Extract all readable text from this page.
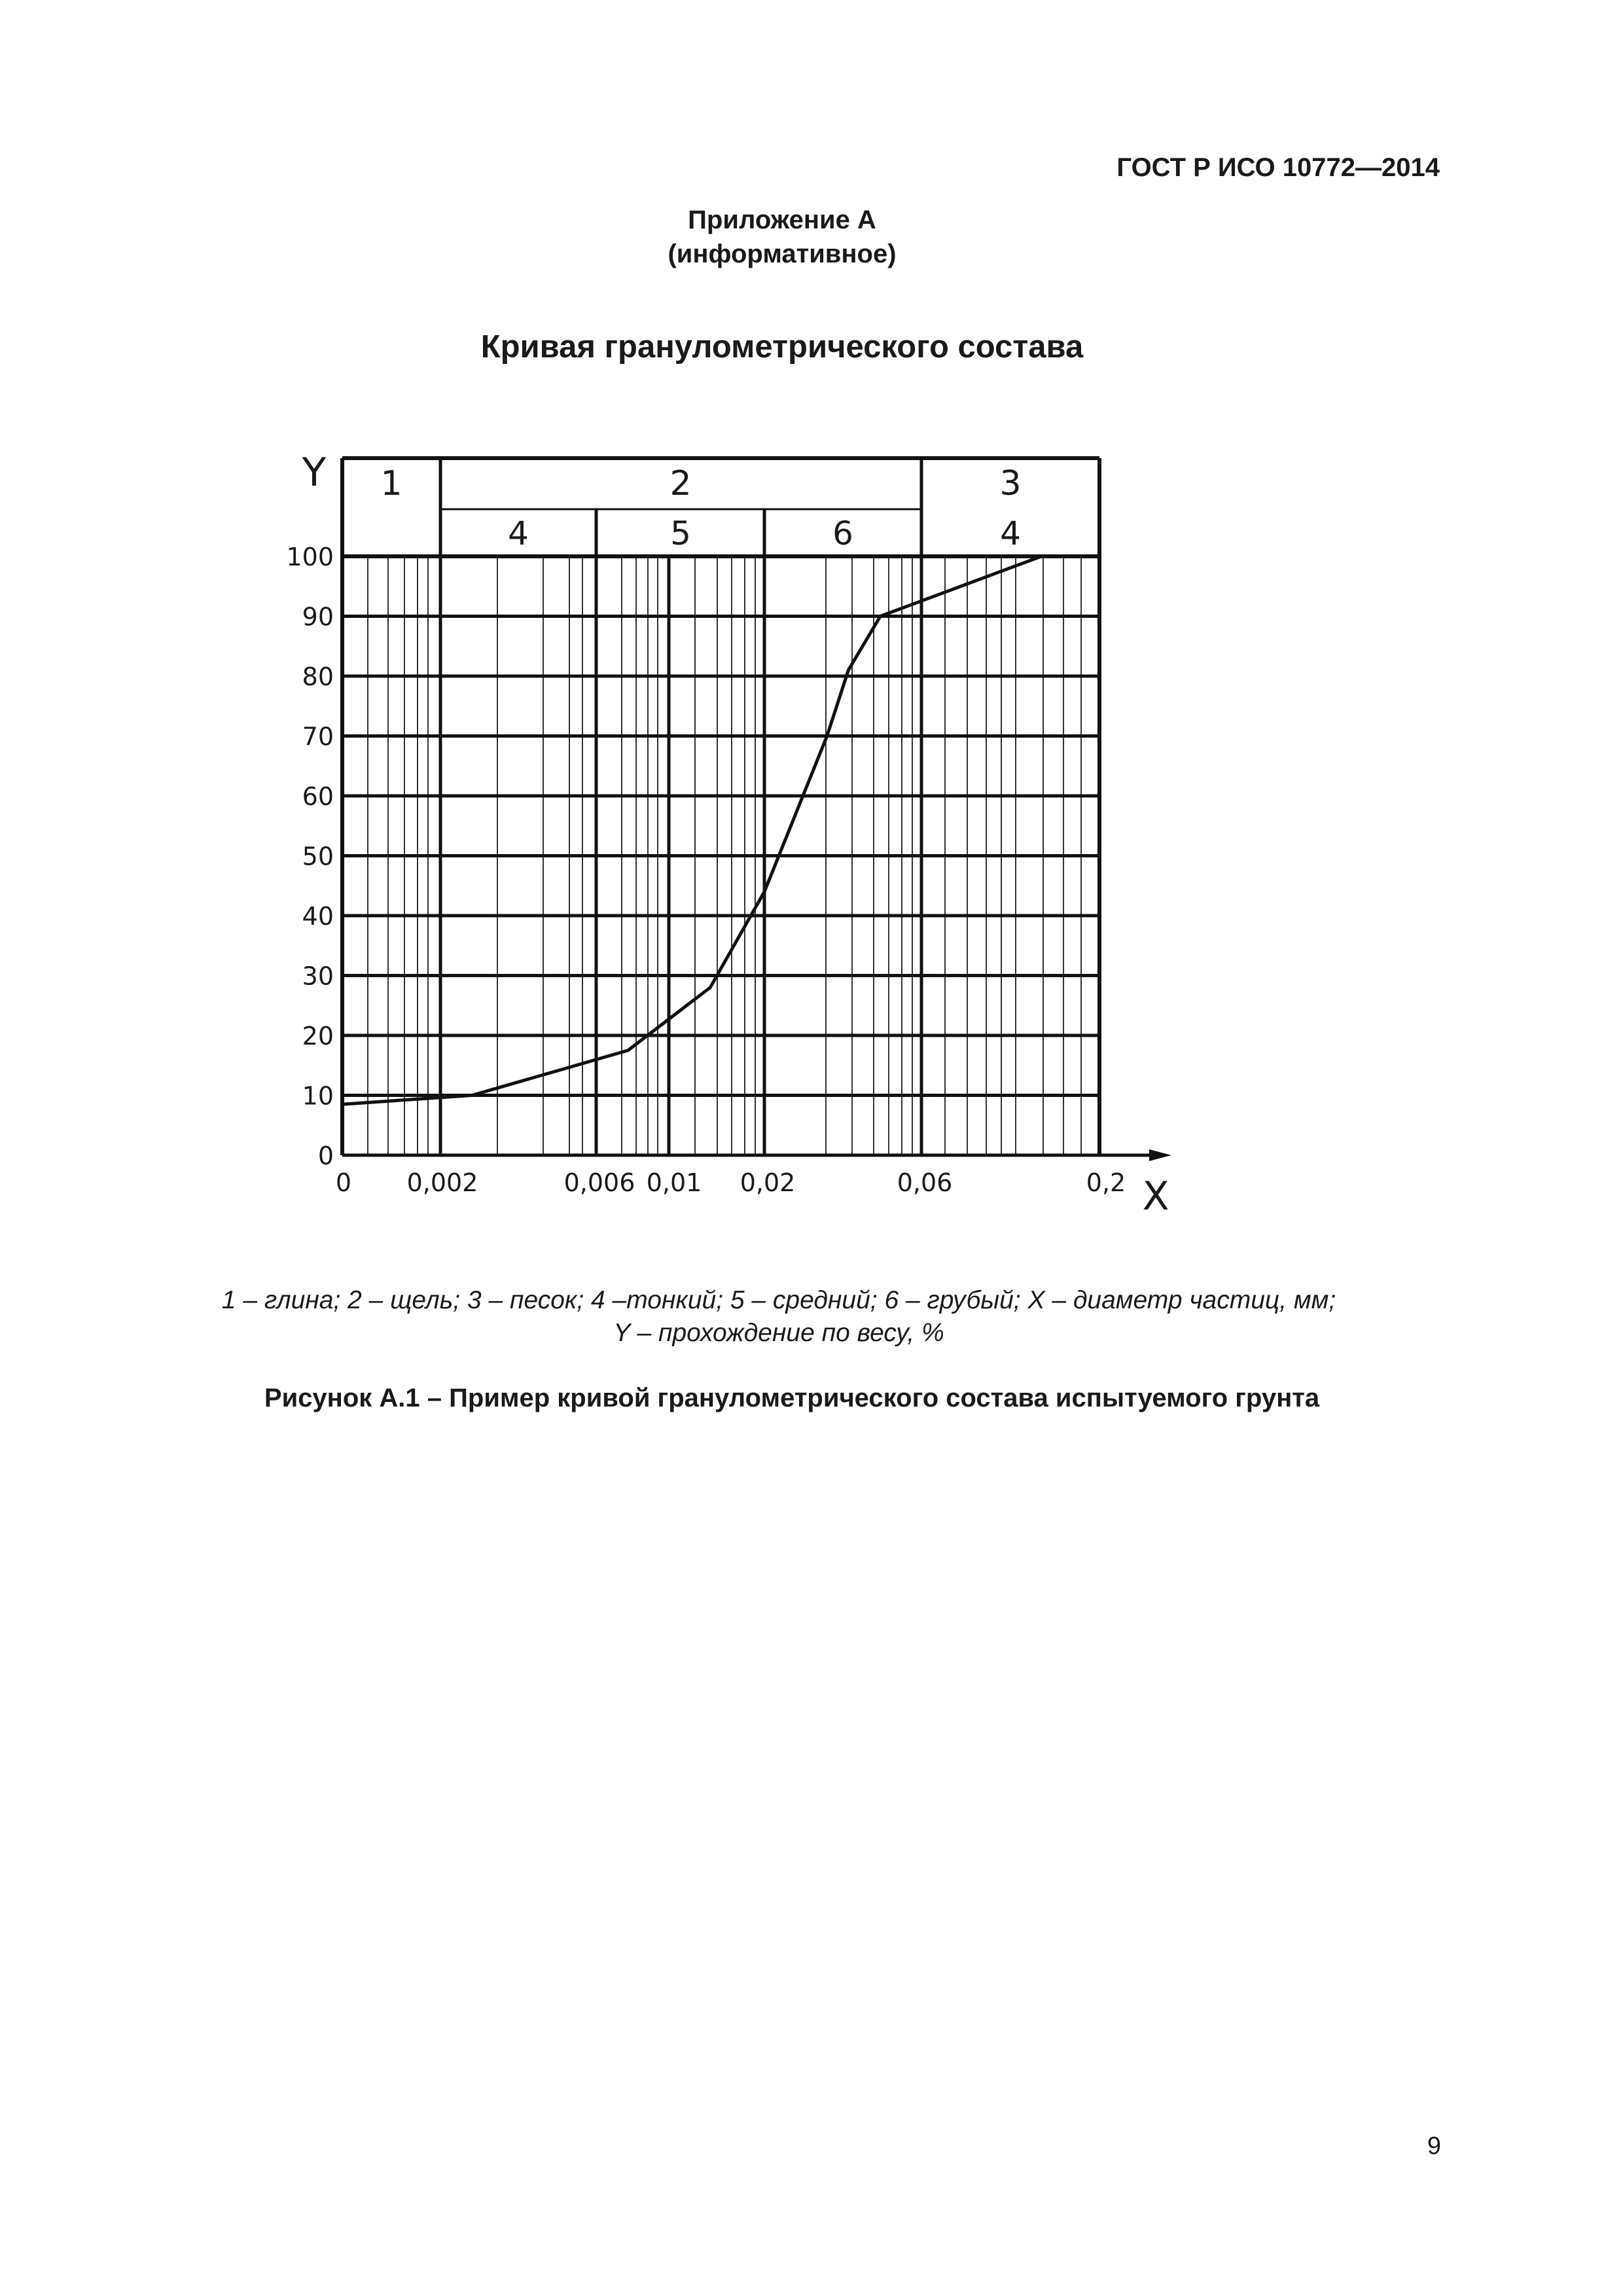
ГОСТ Р ИСО 10772—2014
Приложение А
(информативное)
Кривая гранулометрического состава
1	2	3
4	5	6	4
Y
X
0
10
20
30
40
50
60
70
80
90
100
0 0,002	0,006 0,01 0,02	0,06	0,2
1 – глина; 2 – щель; 3 – песок; 4 –тонкий; 5 – средний; 6 – грубый; X – диаметр частиц, мм;
Y – прохождение по весу, %
Рисунок А.1 – Пример кривой гранулометрического состава испытуемого грунта
9
